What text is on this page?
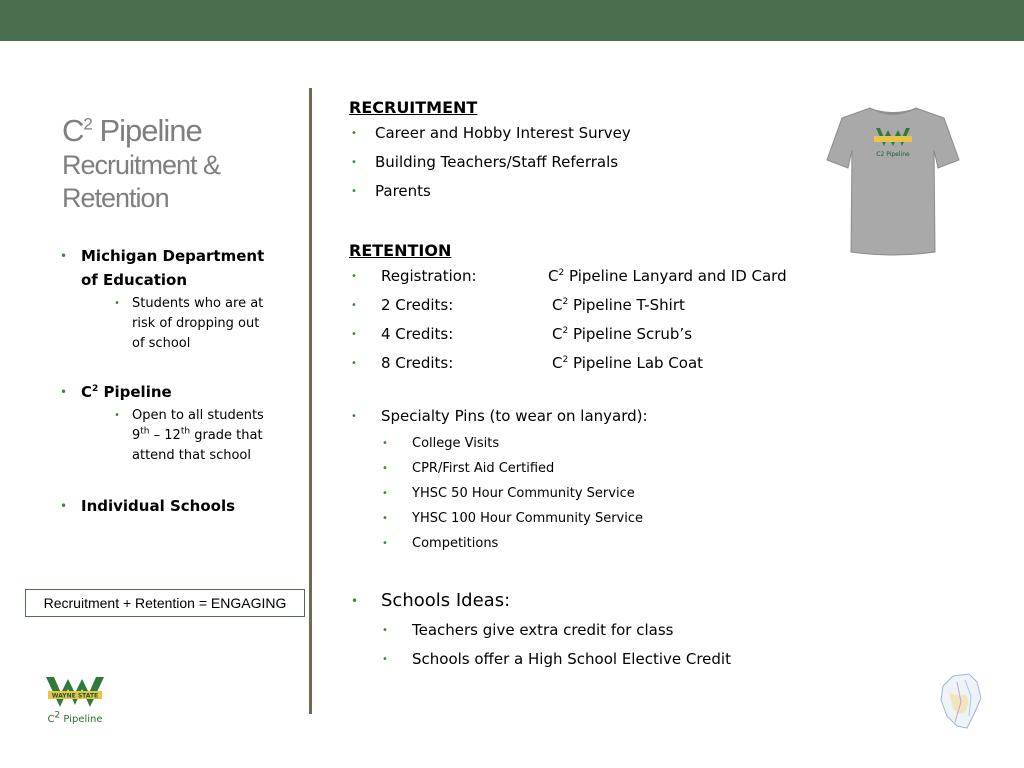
$C^2$ Pipeline
Recruitment &
Retention
• Michigan Department
of Education
• Students who are at
risk of dropping out
of school
• $C^2$ Pipeline
• Open to all students
9th – 12th grade that
attend that school
• Individual Schools
Recruitment + Retention = ENGAGING
RECRUITMENT
• Career and Hobby Interest Survey
• Building Teachers/Staff Referrals
• Parents
RETENTION
• Registration:	$C^2$ Pipeline Lanyard and ID Card
• 2 Credits:	$C^2$ Pipeline T-Shirt
• 4 Credits:	$C^2$ Pipeline Scrub’s
• 8 Credits:	$C^2$ Pipeline Lab Coat
• Specialty Pins (to wear on lanyard):
• College Visits
• CPR/First Aid Certified
• YHSC 50 Hour Community Service
• YHSC 100 Hour Community Service
• Competitions
• Schools Ideas:
• Teachers give extra credit for class
• Schools offer a High School Elective Credit
C2 Pipeline
WAYNE STATE
$C^2$ Pipeline
